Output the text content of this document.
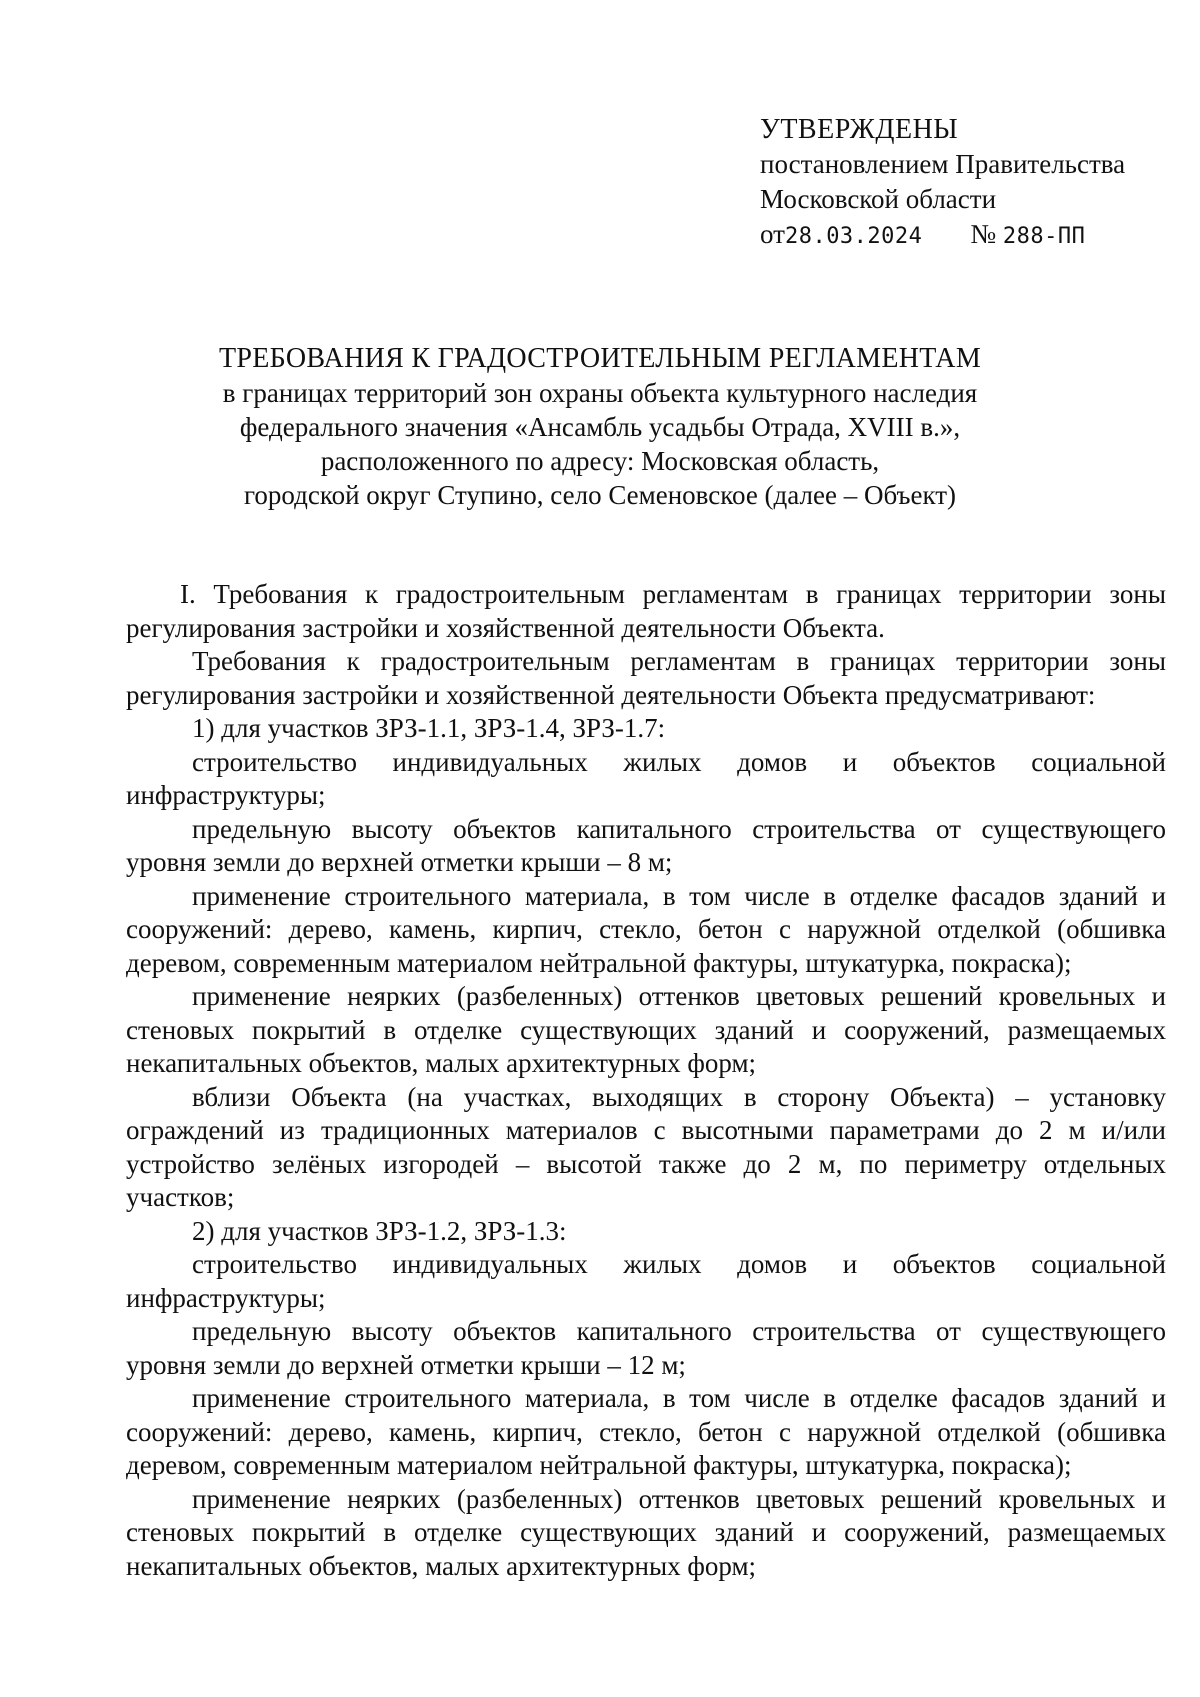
УТВЕРЖДЕНЫ
постановлением Правительства
Московской области
от28.03.2024 № 288-ПП
ТРЕБОВАНИЯ К ГРАДОСТРОИТЕЛЬНЫМ РЕГЛАМЕНТАМ
в границах территорий зон охраны объекта культурного наследия
федерального значения «Ансамбль усадьбы Отрада, XVIII в.»,
расположенного по адресу: Московская область,
городской округ Ступино, село Семеновское (далее – Объект)

I. Требования к градостроительным регламентам в границах территории зоны регулирования застройки и хозяйственной деятельности Объекта.

Требования к градостроительным регламентам в границах территории зоны регулирования застройки и хозяйственной деятельности Объекта предусматривают:

1) для участков ЗРЗ-1.1, ЗРЗ-1.4, ЗРЗ-1.7:

строительство индивидуальных жилых домов и объектов социальной инфраструктуры;

предельную высоту объектов капитального строительства от существующего уровня земли до верхней отметки крыши – 8 м;

применение строительного материала, в том числе в отделке фасадов зданий и сооружений: дерево, камень, кирпич, стекло, бетон с наружной отделкой (обшивка деревом, современным материалом нейтральной фактуры, штукатурка, покраска);

применение неярких (разбеленных) оттенков цветовых решений кровельных и стеновых покрытий в отделке существующих зданий и сооружений, размещаемых некапитальных объектов, малых архитектурных форм;

вблизи Объекта (на участках, выходящих в сторону Объекта) – установку ограждений из традиционных материалов с высотными параметрами до 2 м и/или устройство зелёных изгородей – высотой также до 2 м, по периметру отдельных участков;

2) для участков ЗРЗ-1.2, ЗРЗ-1.3:

строительство индивидуальных жилых домов и объектов социальной инфраструктуры;

предельную высоту объектов капитального строительства от существующего уровня земли до верхней отметки крыши – 12 м;

применение строительного материала, в том числе в отделке фасадов зданий и сооружений: дерево, камень, кирпич, стекло, бетон с наружной отделкой (обшивка деревом, современным материалом нейтральной фактуры, штукатурка, покраска);

применение неярких (разбеленных) оттенков цветовых решений кровельных и стеновых покрытий в отделке существующих зданий и сооружений, размещаемых некапитальных объектов, малых архитектурных форм;
